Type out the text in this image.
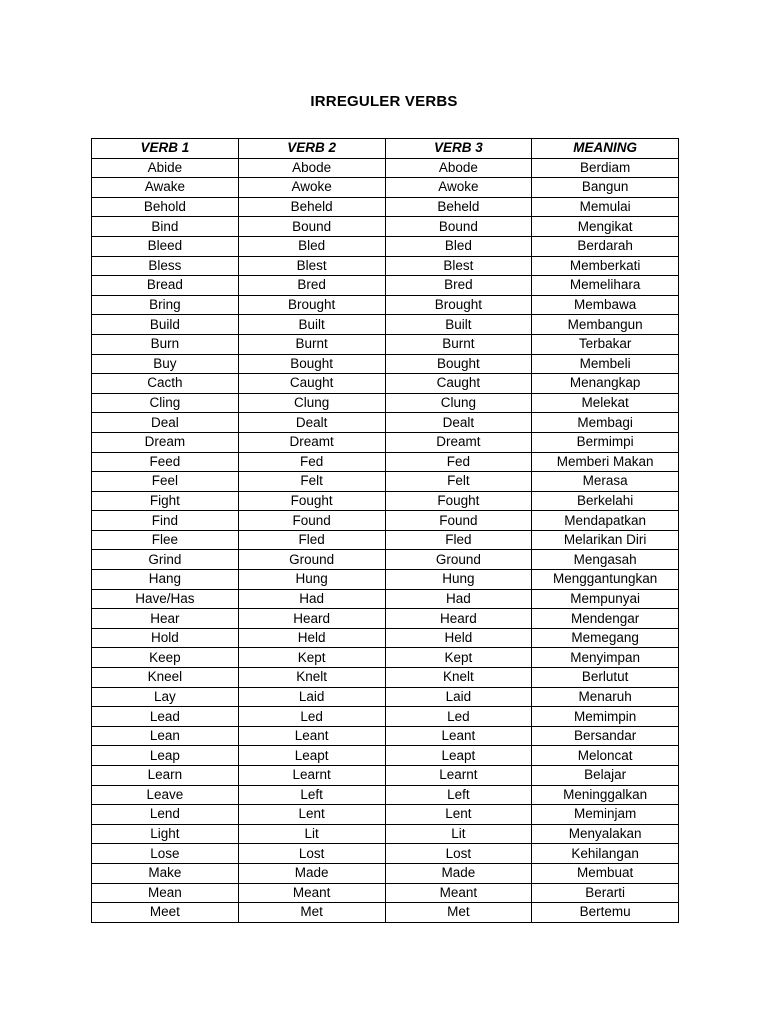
IRREGULER VERBS
VERB 1	VERB 2	VERB 3	MEANING
Abide	Abode	Abode	Berdiam
Awake	Awoke	Awoke	Bangun
Behold	Beheld	Beheld	Memulai
Bind	Bound	Bound	Mengikat
Bleed	Bled	Bled	Berdarah
Bless	Blest	Blest	Memberkati
Bread	Bred	Bred	Memelihara
Bring	Brought	Brought	Membawa
Build	Built	Built	Membangun
Burn	Burnt	Burnt	Terbakar
Buy	Bought	Bought	Membeli
Cacth	Caught	Caught	Menangkap
Cling	Clung	Clung	Melekat
Deal	Dealt	Dealt	Membagi
Dream	Dreamt	Dreamt	Bermimpi
Feed	Fed	Fed	Memberi Makan
Feel	Felt	Felt	Merasa
Fight	Fought	Fought	Berkelahi
Find	Found	Found	Mendapatkan
Flee	Fled	Fled	Melarikan Diri
Grind	Ground	Ground	Mengasah
Hang	Hung	Hung	Menggantungkan
Have/Has	Had	Had	Mempunyai
Hear	Heard	Heard	Mendengar
Hold	Held	Held	Memegang
Keep	Kept	Kept	Menyimpan
Kneel	Knelt	Knelt	Berlutut
Lay	Laid	Laid	Menaruh
Lead	Led	Led	Memimpin
Lean	Leant	Leant	Bersandar
Leap	Leapt	Leapt	Meloncat
Learn	Learnt	Learnt	Belajar
Leave	Left	Left	Meninggalkan
Lend	Lent	Lent	Meminjam
Light	Lit	Lit	Menyalakan
Lose	Lost	Lost	Kehilangan
Make	Made	Made	Membuat
Mean	Meant	Meant	Berarti
Meet	Met	Met	Bertemu
